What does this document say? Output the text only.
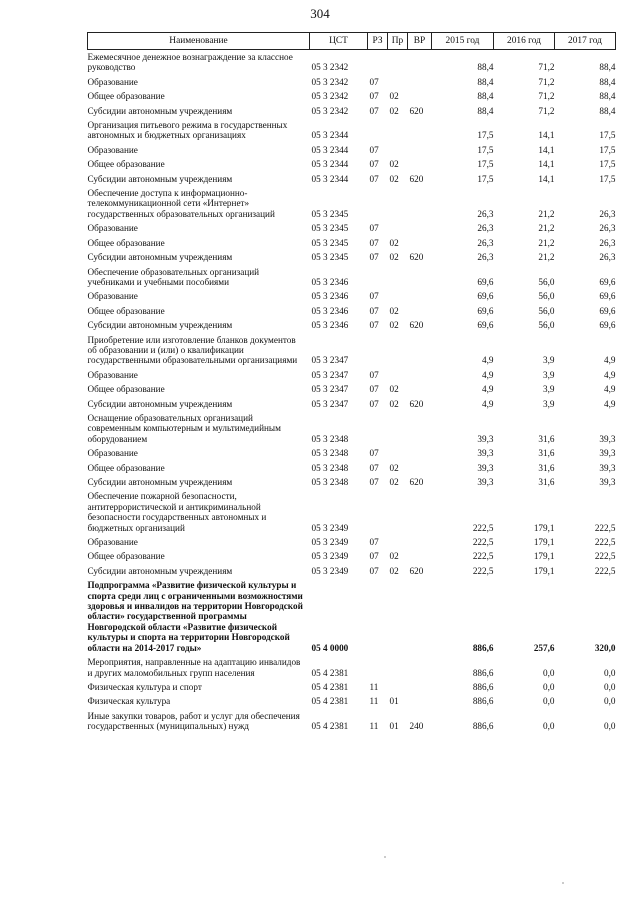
304
Наименование	ЦСТ	РЗ	Пр	ВР	2015 год	2016 год	2017 год
Ежемесячное денежное вознаграждение за классное руководство	05 3 2342				88,4	71,2	88,4
Образование	05 3 2342	07			88,4	71,2	88,4
Общее образование	05 3 2342	07	02		88,4	71,2	88,4
Субсидии автономным учреждениям	05 3 2342	07	02	620	88,4	71,2	88,4
Организация питьевого режима в государственных автономных и бюджетных организациях	05 3 2344				17,5	14,1	17,5
Образование	05 3 2344	07			17,5	14,1	17,5
Общее образование	05 3 2344	07	02		17,5	14,1	17,5
Субсидии автономным учреждениям	05 3 2344	07	02	620	17,5	14,1	17,5
Обеспечение доступа к информационно-телекоммуникационной сети «Интернет» государственных образовательных организаций	05 3 2345				26,3	21,2	26,3
Образование	05 3 2345	07			26,3	21,2	26,3
Общее образование	05 3 2345	07	02		26,3	21,2	26,3
Субсидии автономным учреждениям	05 3 2345	07	02	620	26,3	21,2	26,3
Обеспечение образовательных организаций учебниками и учебными пособиями	05 3 2346				69,6	56,0	69,6
Образование	05 3 2346	07			69,6	56,0	69,6
Общее образование	05 3 2346	07	02		69,6	56,0	69,6
Субсидии автономным учреждениям	05 3 2346	07	02	620	69,6	56,0	69,6
Приобретение или изготовление бланков документов об образовании и (или) о квалификации государственными образовательными организациями	05 3 2347				4,9	3,9	4,9
Образование	05 3 2347	07			4,9	3,9	4,9
Общее образование	05 3 2347	07	02		4,9	3,9	4,9
Субсидии автономным учреждениям	05 3 2347	07	02	620	4,9	3,9	4,9
Оснащение образовательных организаций современным компьютерным и мультимедийным оборудованием	05 3 2348				39,3	31,6	39,3
Образование	05 3 2348	07			39,3	31,6	39,3
Общее образование	05 3 2348	07	02		39,3	31,6	39,3
Субсидии автономным учреждениям	05 3 2348	07	02	620	39,3	31,6	39,3
Обеспечение пожарной безопасности, антитеррористической и антикриминальной безопасности государственных автономных и бюджетных организаций	05 3 2349				222,5	179,1	222,5
Образование	05 3 2349	07			222,5	179,1	222,5
Общее образование	05 3 2349	07	02		222,5	179,1	222,5
Субсидии автономным учреждениям	05 3 2349	07	02	620	222,5	179,1	222,5
Подпрограмма «Развитие физической культуры и спорта среди лиц с ограниченными возможностями здоровья и инвалидов на территории Новгородской области» государственной программы Новгородской области «Развитие физической культуры и спорта на территории Новгородской области на 2014-2017 годы»	05 4 0000				886,6	257,6	320,0
Мероприятия, направленные на адаптацию инвалидов и других маломобильных групп населения	05 4 2381				886,6	0,0	0,0
Физическая культура и спорт	05 4 2381	11			886,6	0,0	0,0
Физическая культура	05 4 2381	11	01		886,6	0,0	0,0
Иные закупки товаров, работ и услуг для обеспечения государственных (муниципальных) нужд	05 4 2381	11	01	240	886,6	0,0	0,0
